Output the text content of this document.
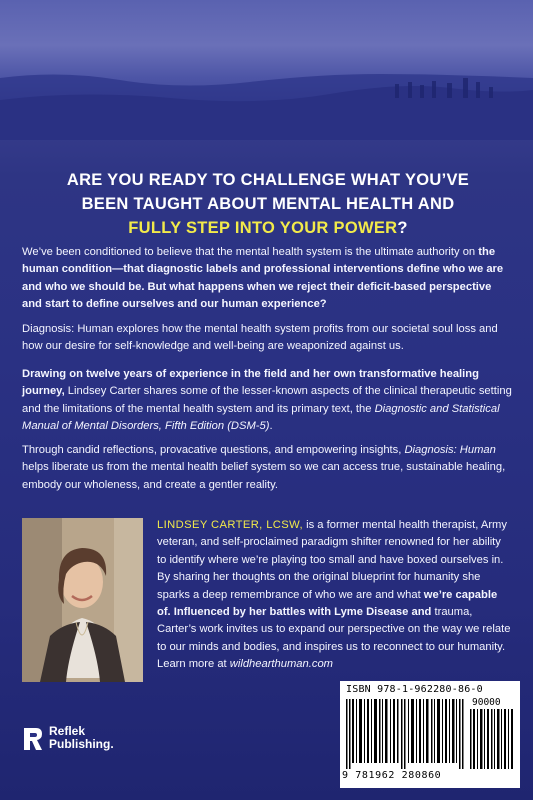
ARE YOU READY TO CHALLENGE WHAT YOU’VE BEEN TAUGHT ABOUT MENTAL HEALTH AND FULLY STEP INTO YOUR POWER?
We’ve been conditioned to believe that the mental health system is the ultimate authority on the human condition—that diagnostic labels and professional interventions define who we are and who we should be. But what happens when we reject their deficit-based perspective and start to define ourselves and our human experience?
Diagnosis: Human explores how the mental health system profits from our societal soul loss and how our desire for self-knowledge and well-being are weaponized against us.
Drawing on twelve years of experience in the field and her own transformative healing journey, Lindsey Carter shares some of the lesser-known aspects of the clinical therapeutic setting and the limitations of the mental health system and its primary text, the Diagnostic and Statistical Manual of Mental Disorders, Fifth Edition (DSM-5).
Through candid reflections, provacative questions, and empowering insights, Diagnosis: Human helps liberate us from the mental health belief system so we can access true, sustainable healing, embody our wholeness, and create a gentler reality.
LINDSEY CARTER, LCSW, is a former mental health therapist, Army veteran, and self-proclaimed paradigm shifter renowned for her ability to identify where we’re playing too small and have boxed ourselves in. By sharing her thoughts on the original blueprint for humanity she sparks a deep remembrance of who we are and what we’re capable of. Influenced by her battles with Lyme Disease and trauma, Carter’s work invites us to expand our perspective on the way we relate to our minds and bodies, and inspires us to reconnect to our humanity. Learn more at wildhearthuman.com
Reflek
Publishing.
ISBN 978-1-962280-86-0
90000
9 781962 280860
